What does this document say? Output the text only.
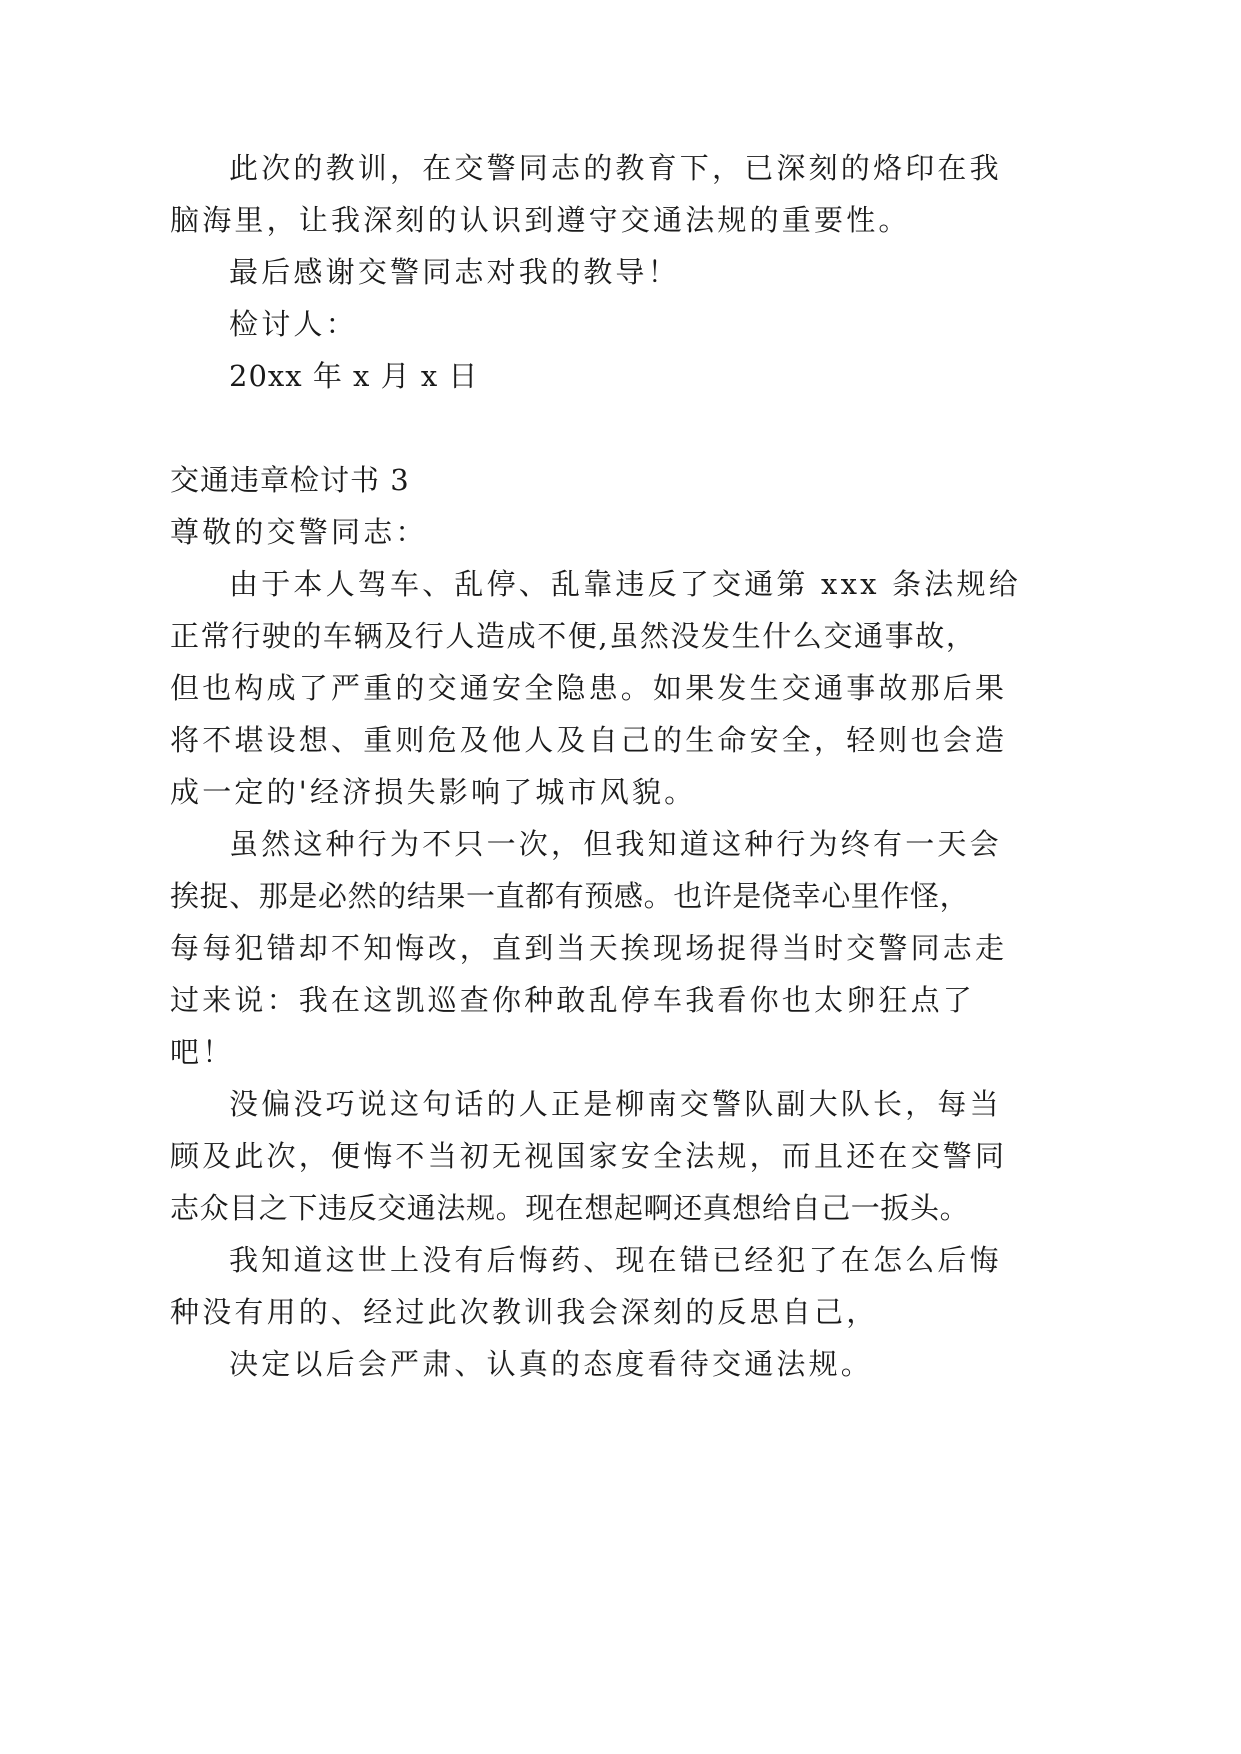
此次的教训，在交警同志的教育下，已深刻的烙印在我
脑海里，让我深刻的认识到遵守交通法规的重要性。
最后感谢交警同志对我的教导！
检讨人：
20xx 年 x 月 x 日
交通违章检讨书 3
尊敬的交警同志：
由于本人驾车、乱停、乱靠违反了交通第 xxx 条法规给
正常行驶的车辆及行人造成不便,虽然没发生什么交通事故，
但也构成了严重的交通安全隐患。如果发生交通事故那后果
将不堪设想、重则危及他人及自己的生命安全，轻则也会造
成一定的'经济损失影响了城市风貌。
虽然这种行为不只一次，但我知道这种行为终有一天会
挨捉、那是必然的结果一直都有预感。也许是侥幸心里作怪，
每每犯错却不知悔改，直到当天挨现场捉得当时交警同志走
过来说：我在这凯巡查你种敢乱停车我看你也太卵狂点了
吧！
没偏没巧说这句话的人正是柳南交警队副大队长，每当
顾及此次，便悔不当初无视国家安全法规，而且还在交警同
志众目之下违反交通法规。现在想起啊还真想给自己一扳头。
我知道这世上没有后悔药、现在错已经犯了在怎么后悔
种没有用的、经过此次教训我会深刻的反思自己，
决定以后会严肃、认真的态度看待交通法规。
